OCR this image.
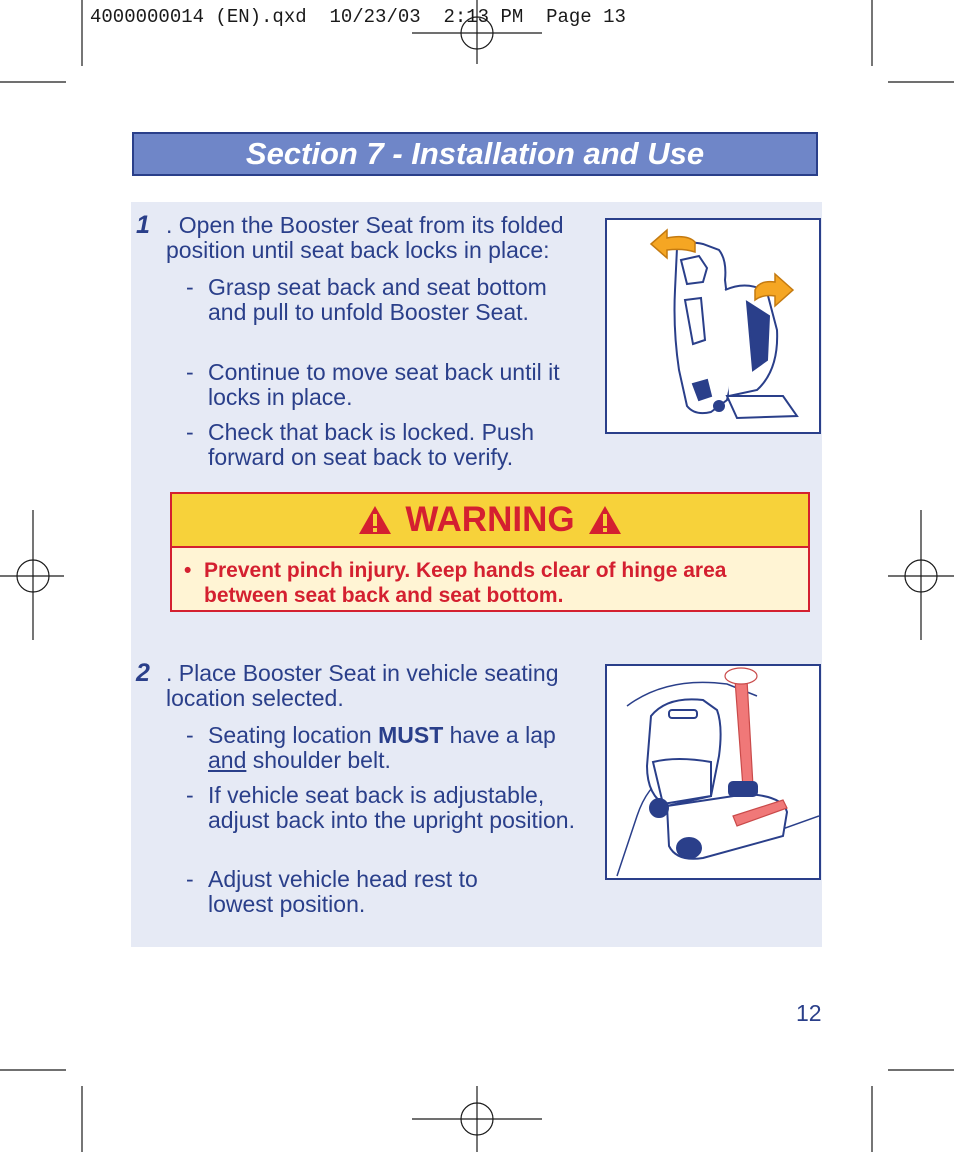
4000000014 (EN).qxd  10/23/03  2:13 PM  Page 13

Section 7 - Installation and Use
1 . Open the Booster Seat from its folded position until seat back locks in place:
- Grasp seat back and seat bottom and pull to unfold Booster Seat.
- Continue to move seat back until it locks in place.
- Check that back is locked. Push forward on seat back to verify.
WARNING
• Prevent pinch injury. Keep hands clear of hinge area between seat back and seat bottom.
2 . Place Booster Seat in vehicle seating location selected.
- Seating location MUST have a lap and shoulder belt.
- If vehicle seat back is adjustable, adjust back into the upright position.
- Adjust vehicle head rest to lowest position.
12
